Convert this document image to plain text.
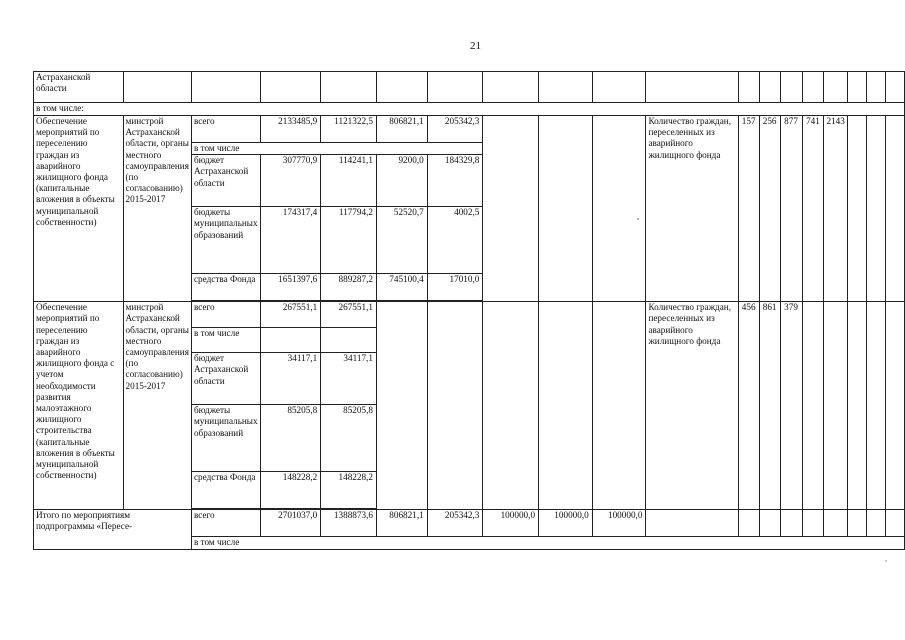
21
Астраханской области																		
в том числе:																		
Обеспечение мероприятий по переселению граждан из аварийного жилищного фонда (капитальные вложения в объекты муниципальной собственности)	минстрой Астраханской области, органы местного самоуправления (по согласованию) 2015-2017	всего	2133485,9	1121322,5	806821,1	205342,3				Количество граждан, переселенных из аварийного жилищного фонда	157	256	877	741	2143			
		в том числе																
		бюджет Астраханской области	307770,9	114241,1	9200,0	184329,8												
		бюджеты муниципальных образований	174317,4	117794,2	52520,7	4002,5												
		средства Фонда	1651397,6	889287,2	745100,4	17010,0												

Обеспечение мероприятий по переселению граждан из аварийного жилищного фонда с учетом необходимости развития малоэтажного жилищного строительства (капитальные вложения в объекты муниципальной собственности)	минстрой Астраханской области, органы местного самоуправления (по согласованию) 2015-2017	всего	267551,1	267551,1						Количество граждан, переселенных из аварийного жилищного фонда	456	861	379					
		в том числе																
		бюджет Астраханской области	34117,1	34117,1														
		бюджеты муниципальных образований	85205,8	85205,8														
		средства Фонда	148228,2	148228,2														

Итого по мероприятиям подпрограммы «Пересе-		всего	2701037,0	1388873,6	806821,1	205342,3	100000,0	100000,0	100000,0									
		в том числе																
